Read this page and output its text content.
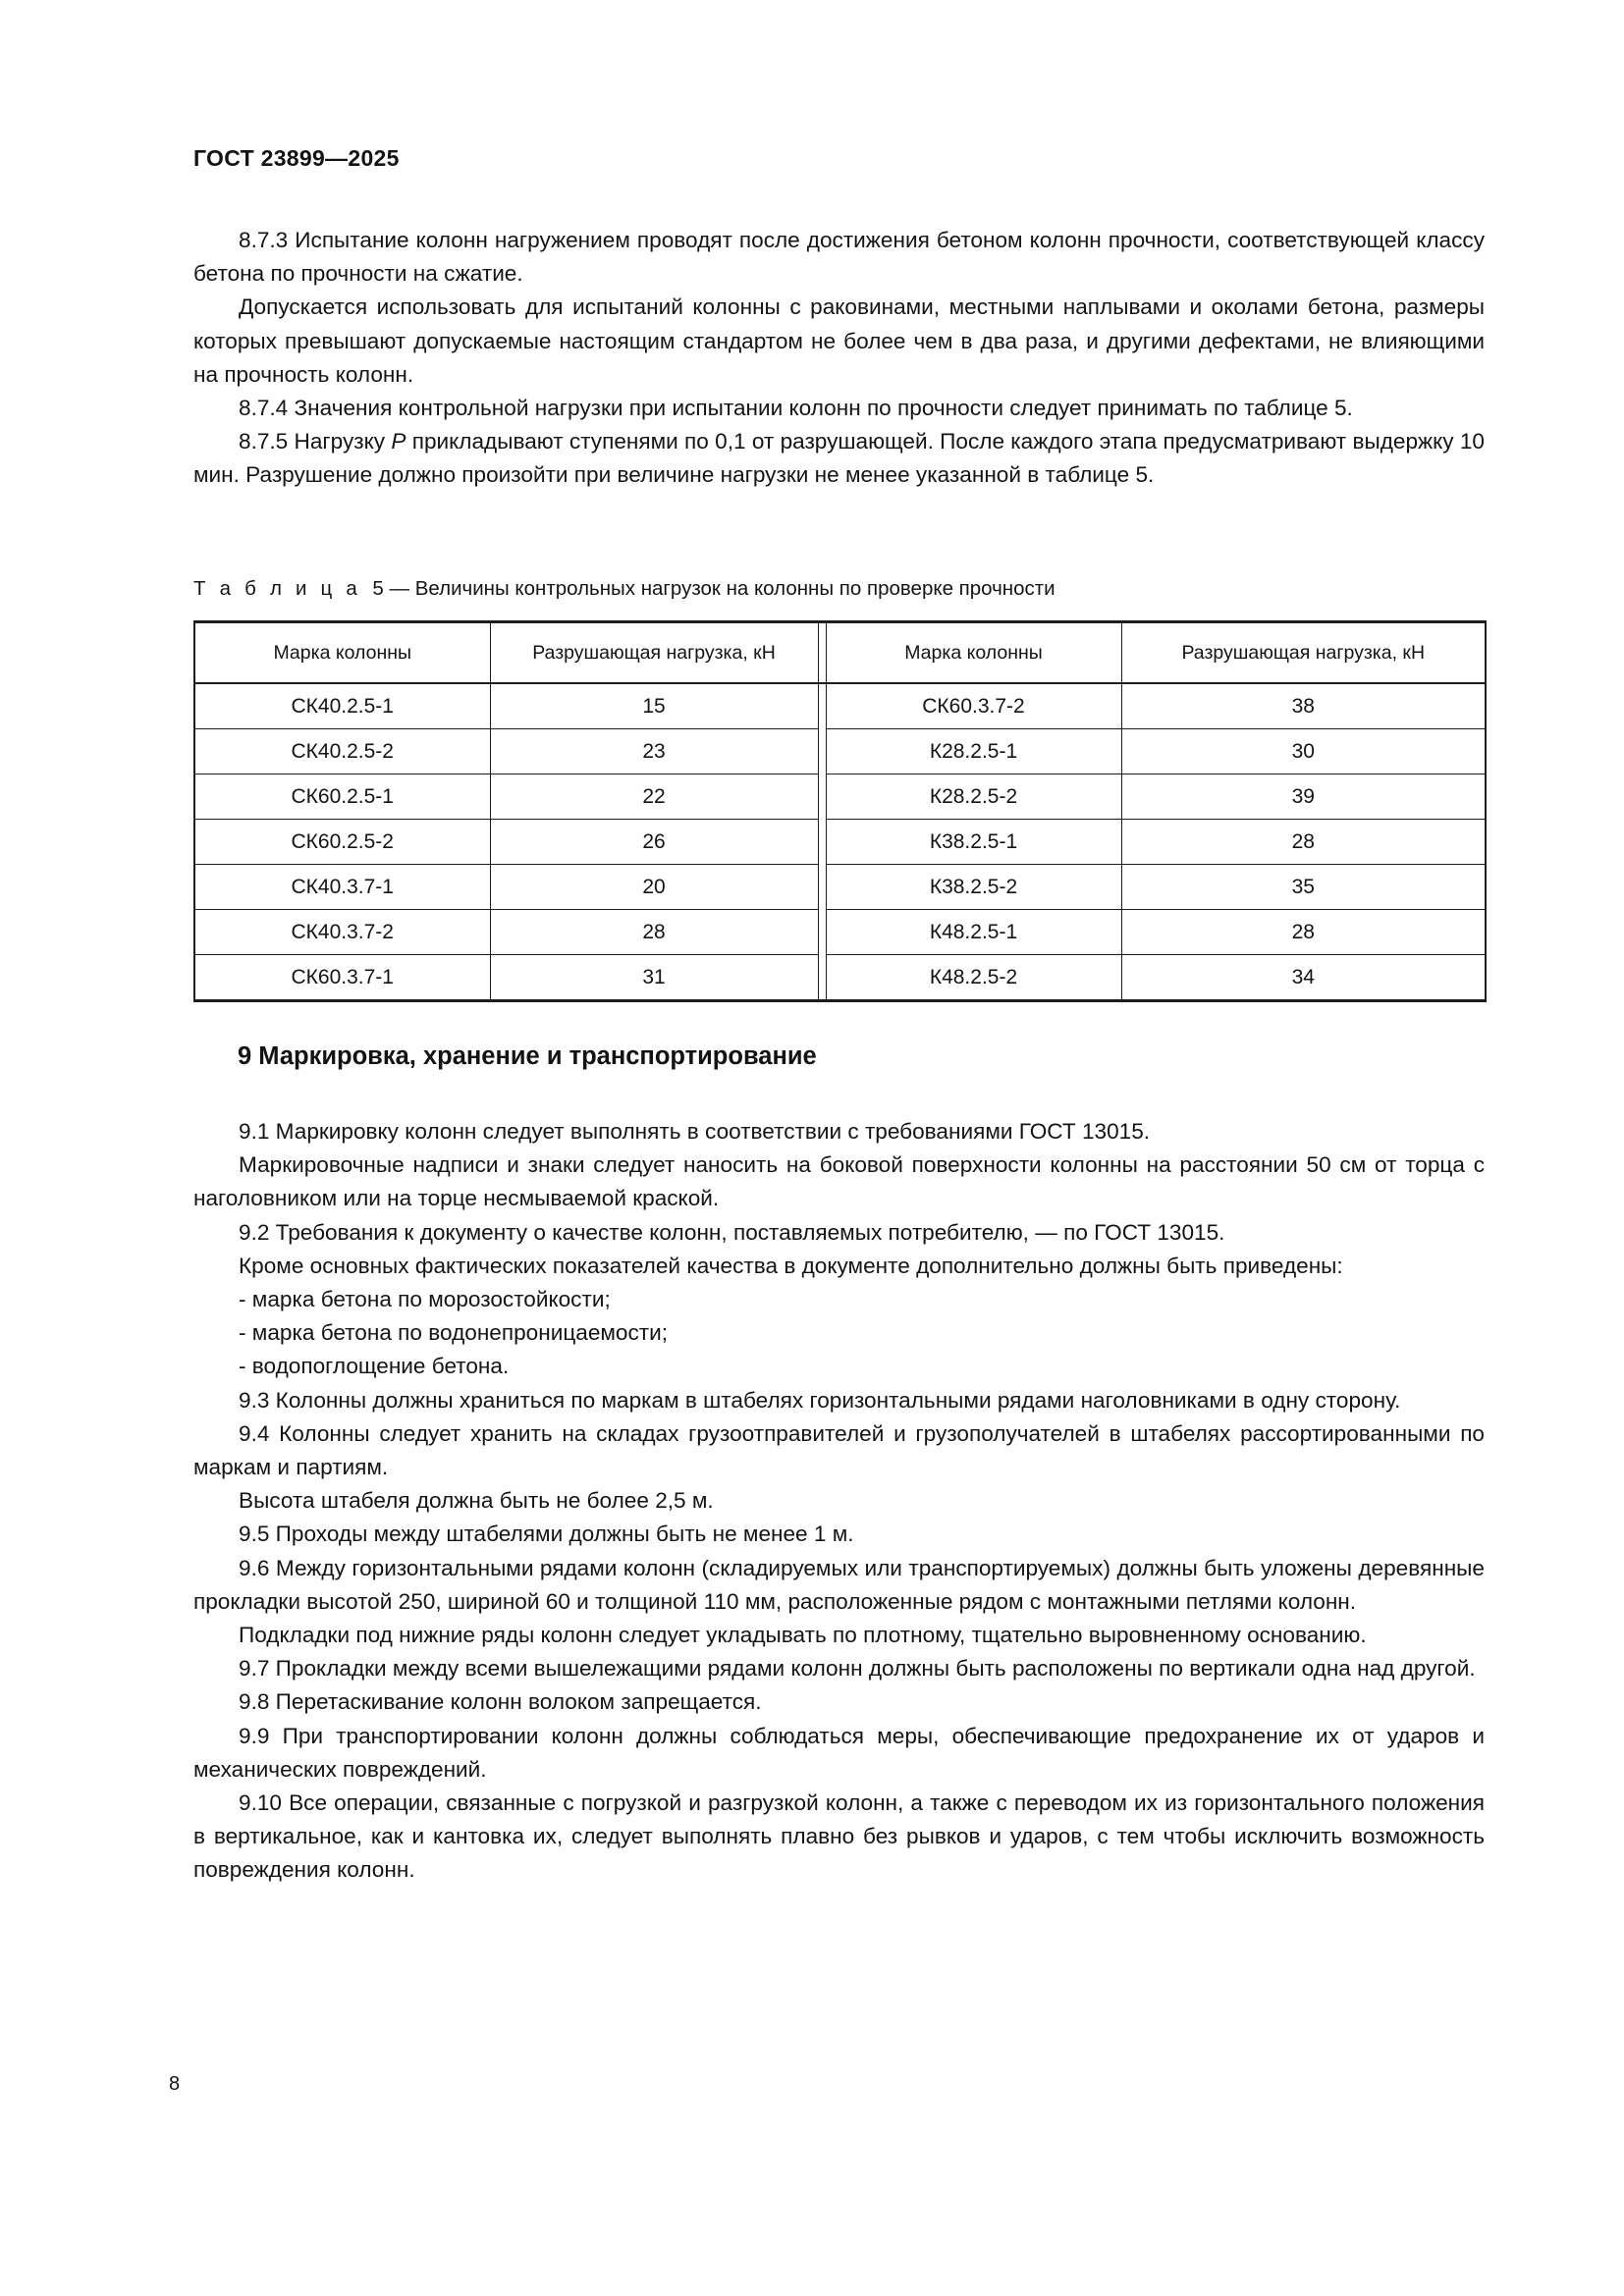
ГОСТ 23899—2025

8.7.3 Испытание колонн нагружением проводят после достижения бетоном колонн прочности, соответствующей классу бетона по прочности на сжатие.

Допускается использовать для испытаний колонны с раковинами, местными наплывами и околами бетона, размеры которых превышают допускаемые настоящим стандартом не более чем в два раза, и другими дефектами, не влияющими на прочность колонн.

8.7.4 Значения контрольной нагрузки при испытании колонн по прочности следует принимать по таблице 5.

8.7.5 Нагрузку P прикладывают ступенями по 0,1 от разрушающей. После каждого этапа предусматривают выдержку 10 мин. Разрушение должно произойти при величине нагрузки не менее указанной в таблице 5.

Т а б л и ц а 5 — Величины контрольных нагрузок на колонны по проверке прочности
Марка колонны	Разрушающая нагрузка, кН		Марка колонны	Разрушающая нагрузка, кН
СК40.2.5-1	15		СК60.3.7-2	38
СК40.2.5-2	23		К28.2.5-1	30
СК60.2.5-1	22		К28.2.5-2	39
СК60.2.5-2	26		К38.2.5-1	28
СК40.3.7-1	20		К38.2.5-2	35
СК40.3.7-2	28		К48.2.5-1	28
СК60.3.7-1	31		К48.2.5-2	34
9 Маркировка, хранение и транспортирование

9.1 Маркировку колонн следует выполнять в соответствии с требованиями ГОСТ 13015.

Маркировочные надписи и знаки следует наносить на боковой поверхности колонны на расстоянии 50 см от торца с наголовником или на торце несмываемой краской.

9.2 Требования к документу о качестве колонн, поставляемых потребителю, — по ГОСТ 13015.

Кроме основных фактических показателей качества в документе дополнительно должны быть приведены:

- марка бетона по морозостойкости;
- марка бетона по водонепроницаемости;
- водопоглощение бетона.

9.3 Колонны должны храниться по маркам в штабелях горизонтальными рядами наголовниками в одну сторону.

9.4 Колонны следует хранить на складах грузоотправителей и грузополучателей в штабелях рассортированными по маркам и партиям.

Высота штабеля должна быть не более 2,5 м.

9.5 Проходы между штабелями должны быть не менее 1 м.

9.6 Между горизонтальными рядами колонн (складируемых или транспортируемых) должны быть уложены деревянные прокладки высотой 250, шириной 60 и толщиной 110 мм, расположенные рядом с монтажными петлями колонн.

Подкладки под нижние ряды колонн следует укладывать по плотному, тщательно выровненному основанию.

9.7 Прокладки между всеми вышележащими рядами колонн должны быть расположены по вертикали одна над другой.

9.8 Перетаскивание колонн волоком запрещается.

9.9 При транспортировании колонн должны соблюдаться меры, обеспечивающие предохранение их от ударов и механических повреждений.

9.10 Все операции, связанные с погрузкой и разгрузкой колонн, а также с переводом их из горизонтального положения в вертикальное, как и кантовка их, следует выполнять плавно без рывков и ударов, с тем чтобы исключить возможность повреждения колонн.

8
